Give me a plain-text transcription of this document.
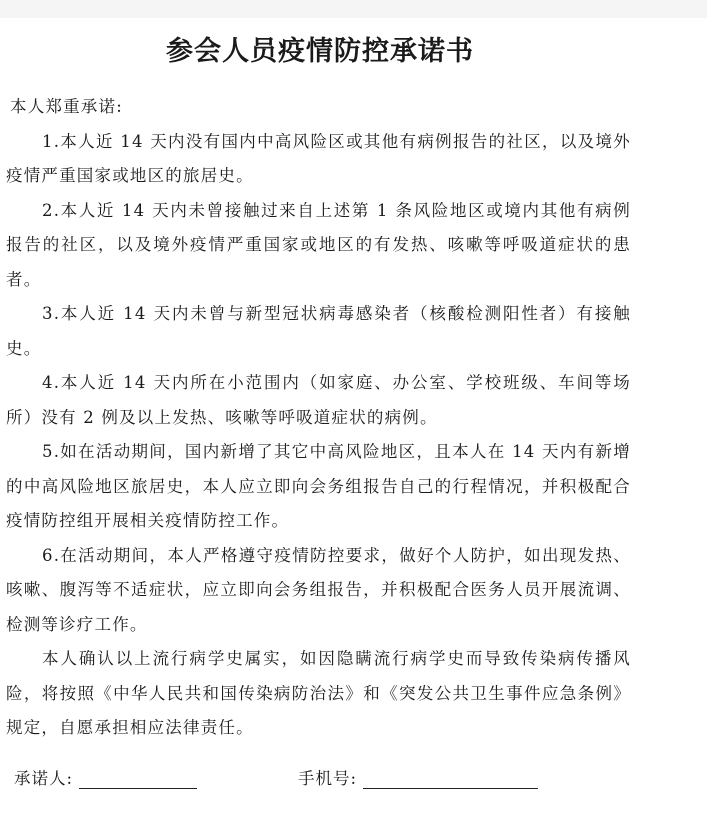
参会人员疫情防控承诺书

本人郑重承诺:

1.本人近 14 天内没有国内中高风险区或其他有病例报告的社区，以及境外疫情严重国家或地区的旅居史。

2.本人近 14 天内未曾接触过来自上述第 1 条风险地区或境内其他有病例报告的社区，以及境外疫情严重国家或地区的有发热、咳嗽等呼吸道症状的患者。

3.本人近 14 天内未曾与新型冠状病毒感染者（核酸检测阳性者）有接触史。

4.本人近 14 天内所在小范围内（如家庭、办公室、学校班级、车间等场所）没有 2 例及以上发热、咳嗽等呼吸道症状的病例。

5.如在活动期间，国内新增了其它中高风险地区，且本人在 14 天内有新增的中高风险地区旅居史，本人应立即向会务组报告自己的行程情况，并积极配合疫情防控组开展相关疫情防控工作。

6.在活动期间，本人严格遵守疫情防控要求，做好个人防护，如出现发热、咳嗽、腹泻等不适症状，应立即向会务组报告，并积极配合医务人员开展流调、检测等诊疗工作。

本人确认以上流行病学史属实，如因隐瞒流行病学史而导致传染病传播风险，将按照《中华人民共和国传染病防治法》和《突发公共卫生事件应急条例》规定，自愿承担相应法律责任。

承诺人:	手机号:
